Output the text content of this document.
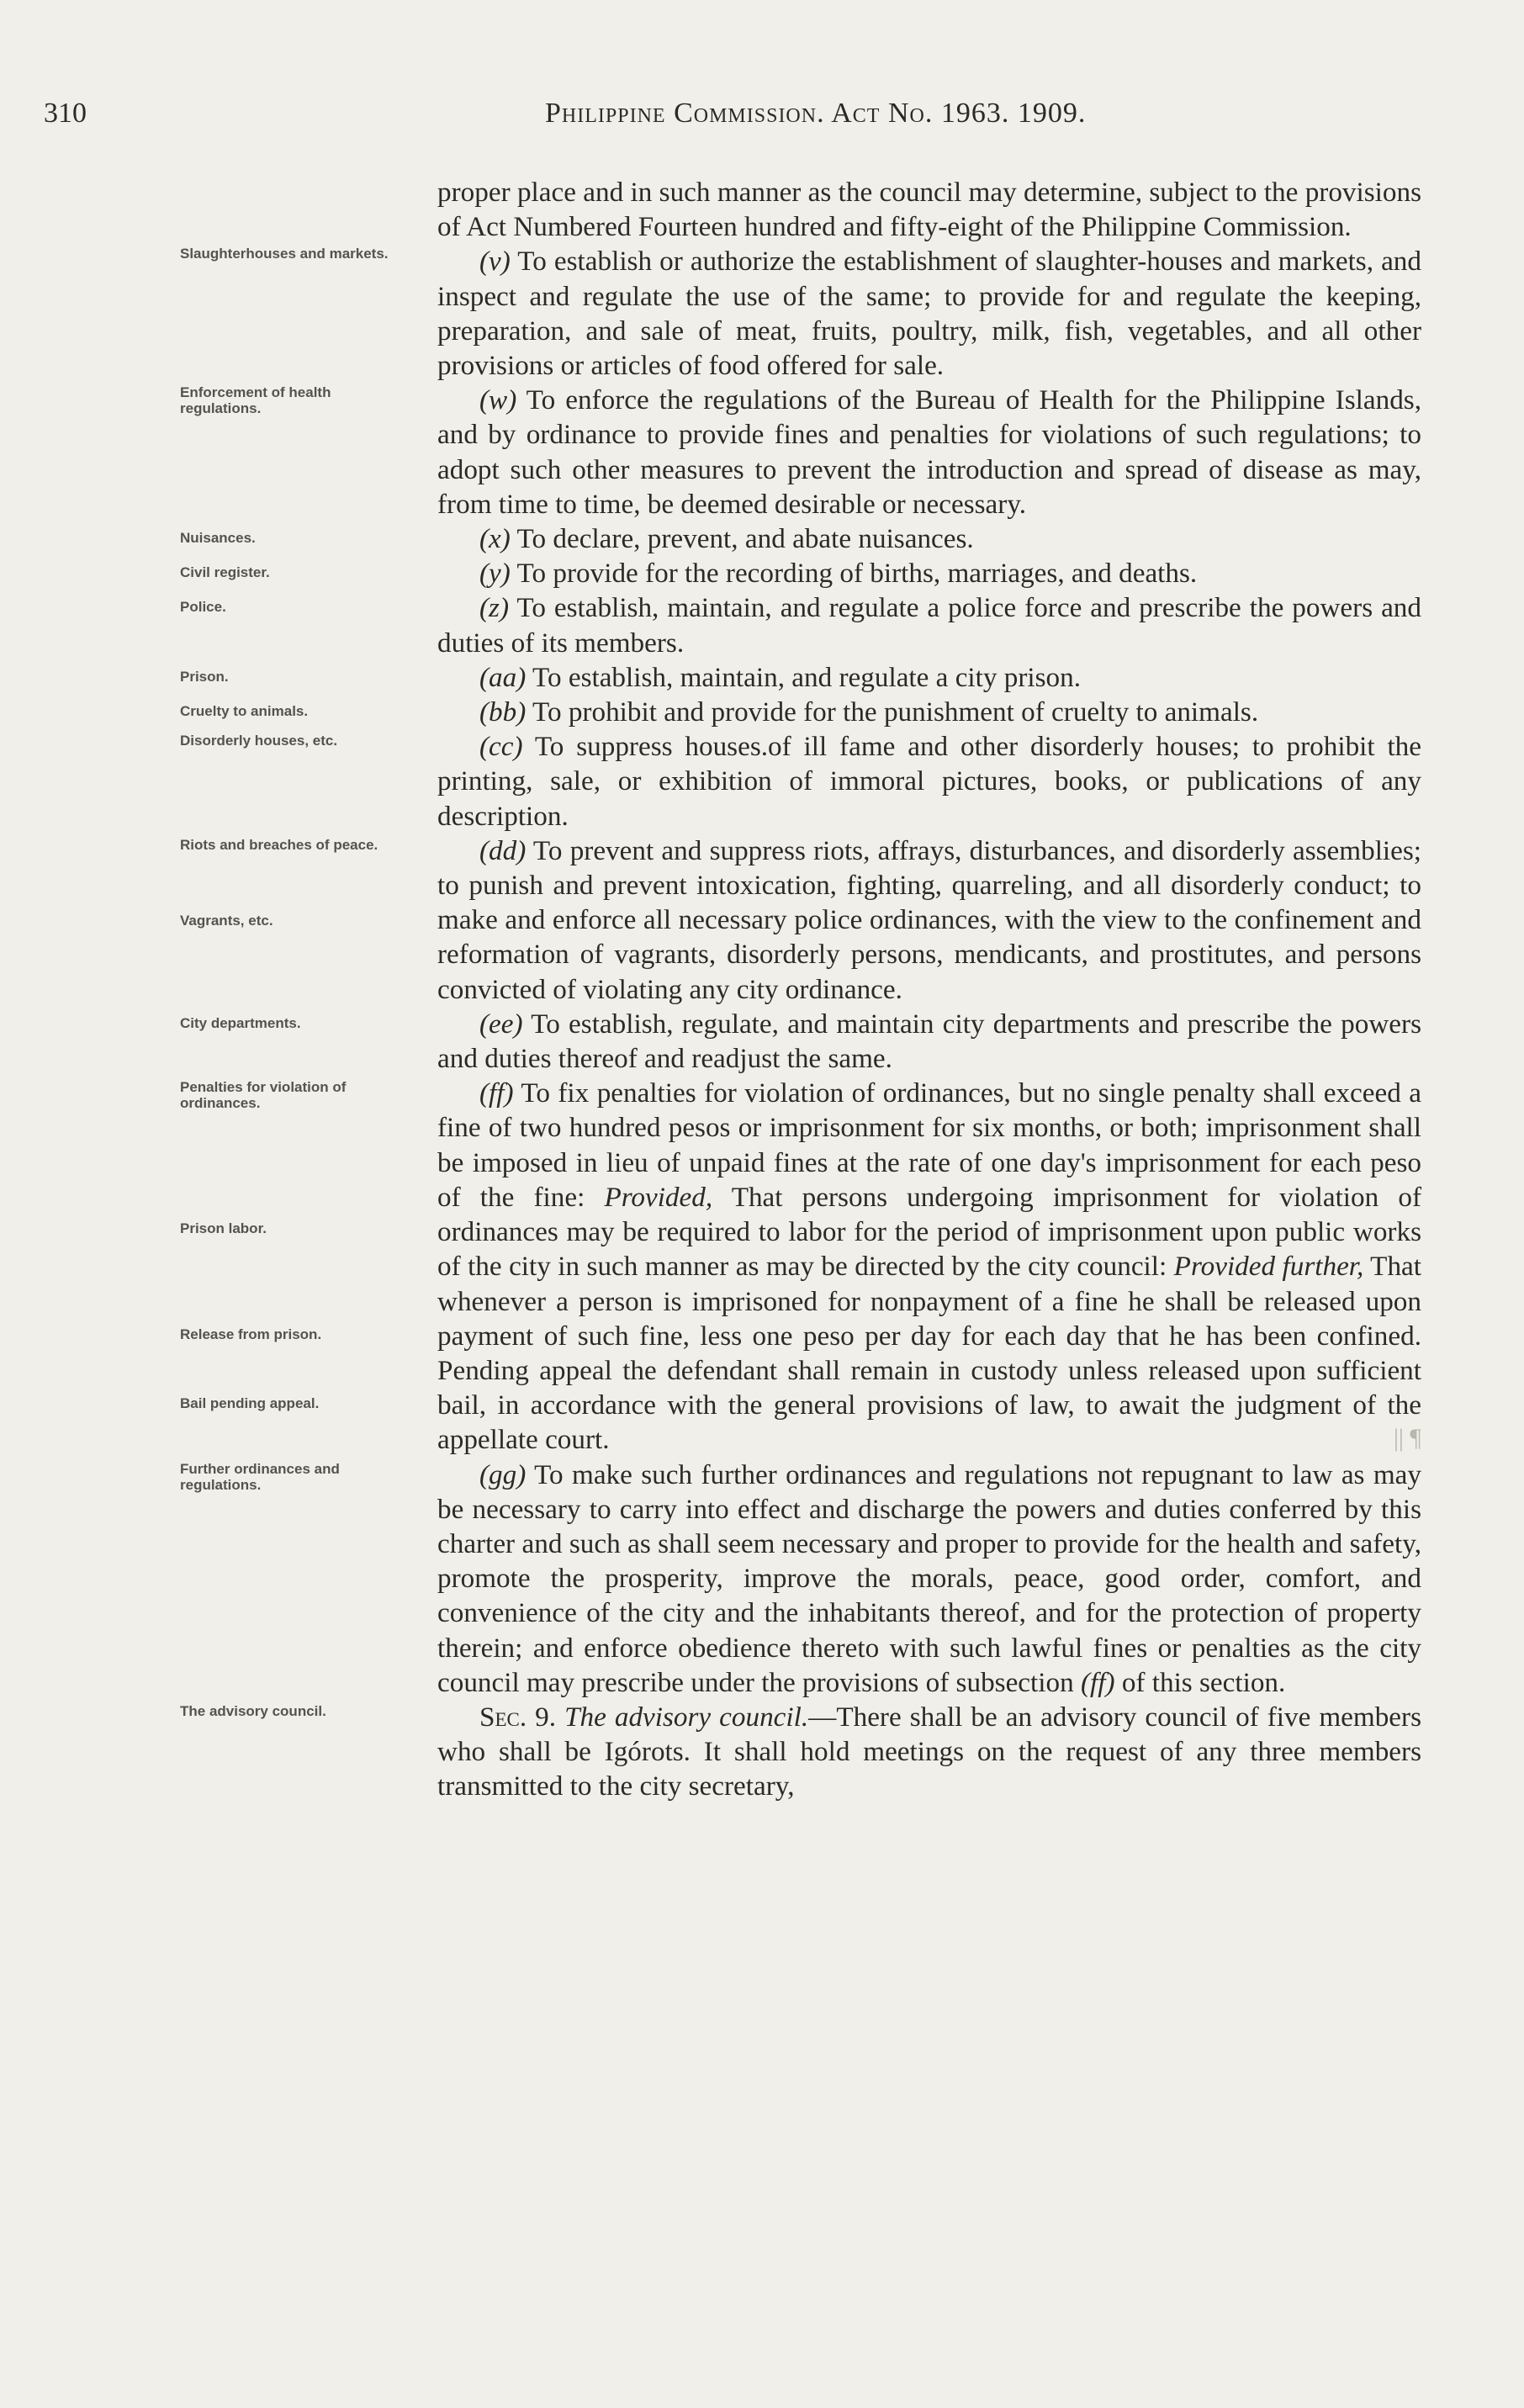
310	Philippine Commission. Act No. 1963. 1909.

proper place and in such manner as the council may determine, subject to the provisions of Act Numbered Fourteen hundred and fifty-eight of the Philippine Commission.

Slaughterhouses and markets.	(v) To establish or authorize the establishment of slaughter-houses and markets, and inspect and regulate the use of the same; to provide for and regulate the keeping, preparation, and sale of meat, fruits, poultry, milk, fish, vegetables, and all other provisions or articles of food offered for sale.

Enforcement of health regulations.	(w) To enforce the regulations of the Bureau of Health for the Philippine Islands, and by ordinance to provide fines and penalties for violations of such regulations; to adopt such other measures to prevent the introduction and spread of disease as may, from time to time, be deemed desirable or necessary.

Nuisances.	(x) To declare, prevent, and abate nuisances.

Civil register.	(y) To provide for the recording of births, marriages, and deaths.

Police.	(z) To establish, maintain, and regulate a police force and prescribe the powers and duties of its members.

Prison.	(aa) To establish, maintain, and regulate a city prison.

Cruelty to animals.	(bb) To prohibit and provide for the punishment of cruelty to animals.

Disorderly houses, etc.	(cc) To suppress houses.of ill fame and other disorderly houses; to prohibit the printing, sale, or exhibition of immoral pictures, books, or publications of any description.

Riots and breaches of peace.
Vagrants, etc.
(dd) To prevent and suppress riots, affrays, disturbances, and disorderly assemblies; to punish and prevent intoxication, fighting, quarreling, and all disorderly conduct; to make and enforce all necessary police ordinances, with the view to the confinement and reformation of vagrants, disorderly persons, mendicants, and prostitutes, and persons convicted of violating any city ordinance.

City departments.	(ee) To establish, regulate, and maintain city departments and prescribe the powers and duties thereof and readjust the same.

Penalties for violation of ordinances.
Prison labor.
Release from prison.
Bail pending appeal.
(ff) To fix penalties for violation of ordinances, but no single penalty shall exceed a fine of two hundred pesos or imprisonment for six months, or both; imprisonment shall be imposed in lieu of unpaid fines at the rate of one day's imprisonment for each peso of the fine: Provided, That persons undergoing imprisonment for violation of ordinances may be required to labor for the period of imprisonment upon public works of the city in such manner as may be directed by the city council: Provided further, That whenever a person is imprisoned for nonpayment of a fine he shall be released upon payment of such fine, less one peso per day for each day that he has been confined. Pending appeal the defendant shall remain in custody unless released upon sufficient bail, in accordance with the general provisions of law, to await the judgment of the appellate court.	|| ¶

Further ordinances and regulations.	(gg) To make such further ordinances and regulations not repugnant to law as may be necessary to carry into effect and discharge the powers and duties conferred by this charter and such as shall seem necessary and proper to provide for the health and safety, promote the prosperity, improve the morals, peace, good order, comfort, and convenience of the city and the inhabitants thereof, and for the protection of property therein; and enforce obedience thereto with such lawful fines or penalties as the city council may prescribe under the provisions of subsection (ff) of this section.

The advisory council.	Sec. 9. The advisory council.—There shall be an advisory council of five members who shall be Igórots. It shall hold meetings on the request of any three members transmitted to the city secretary,
